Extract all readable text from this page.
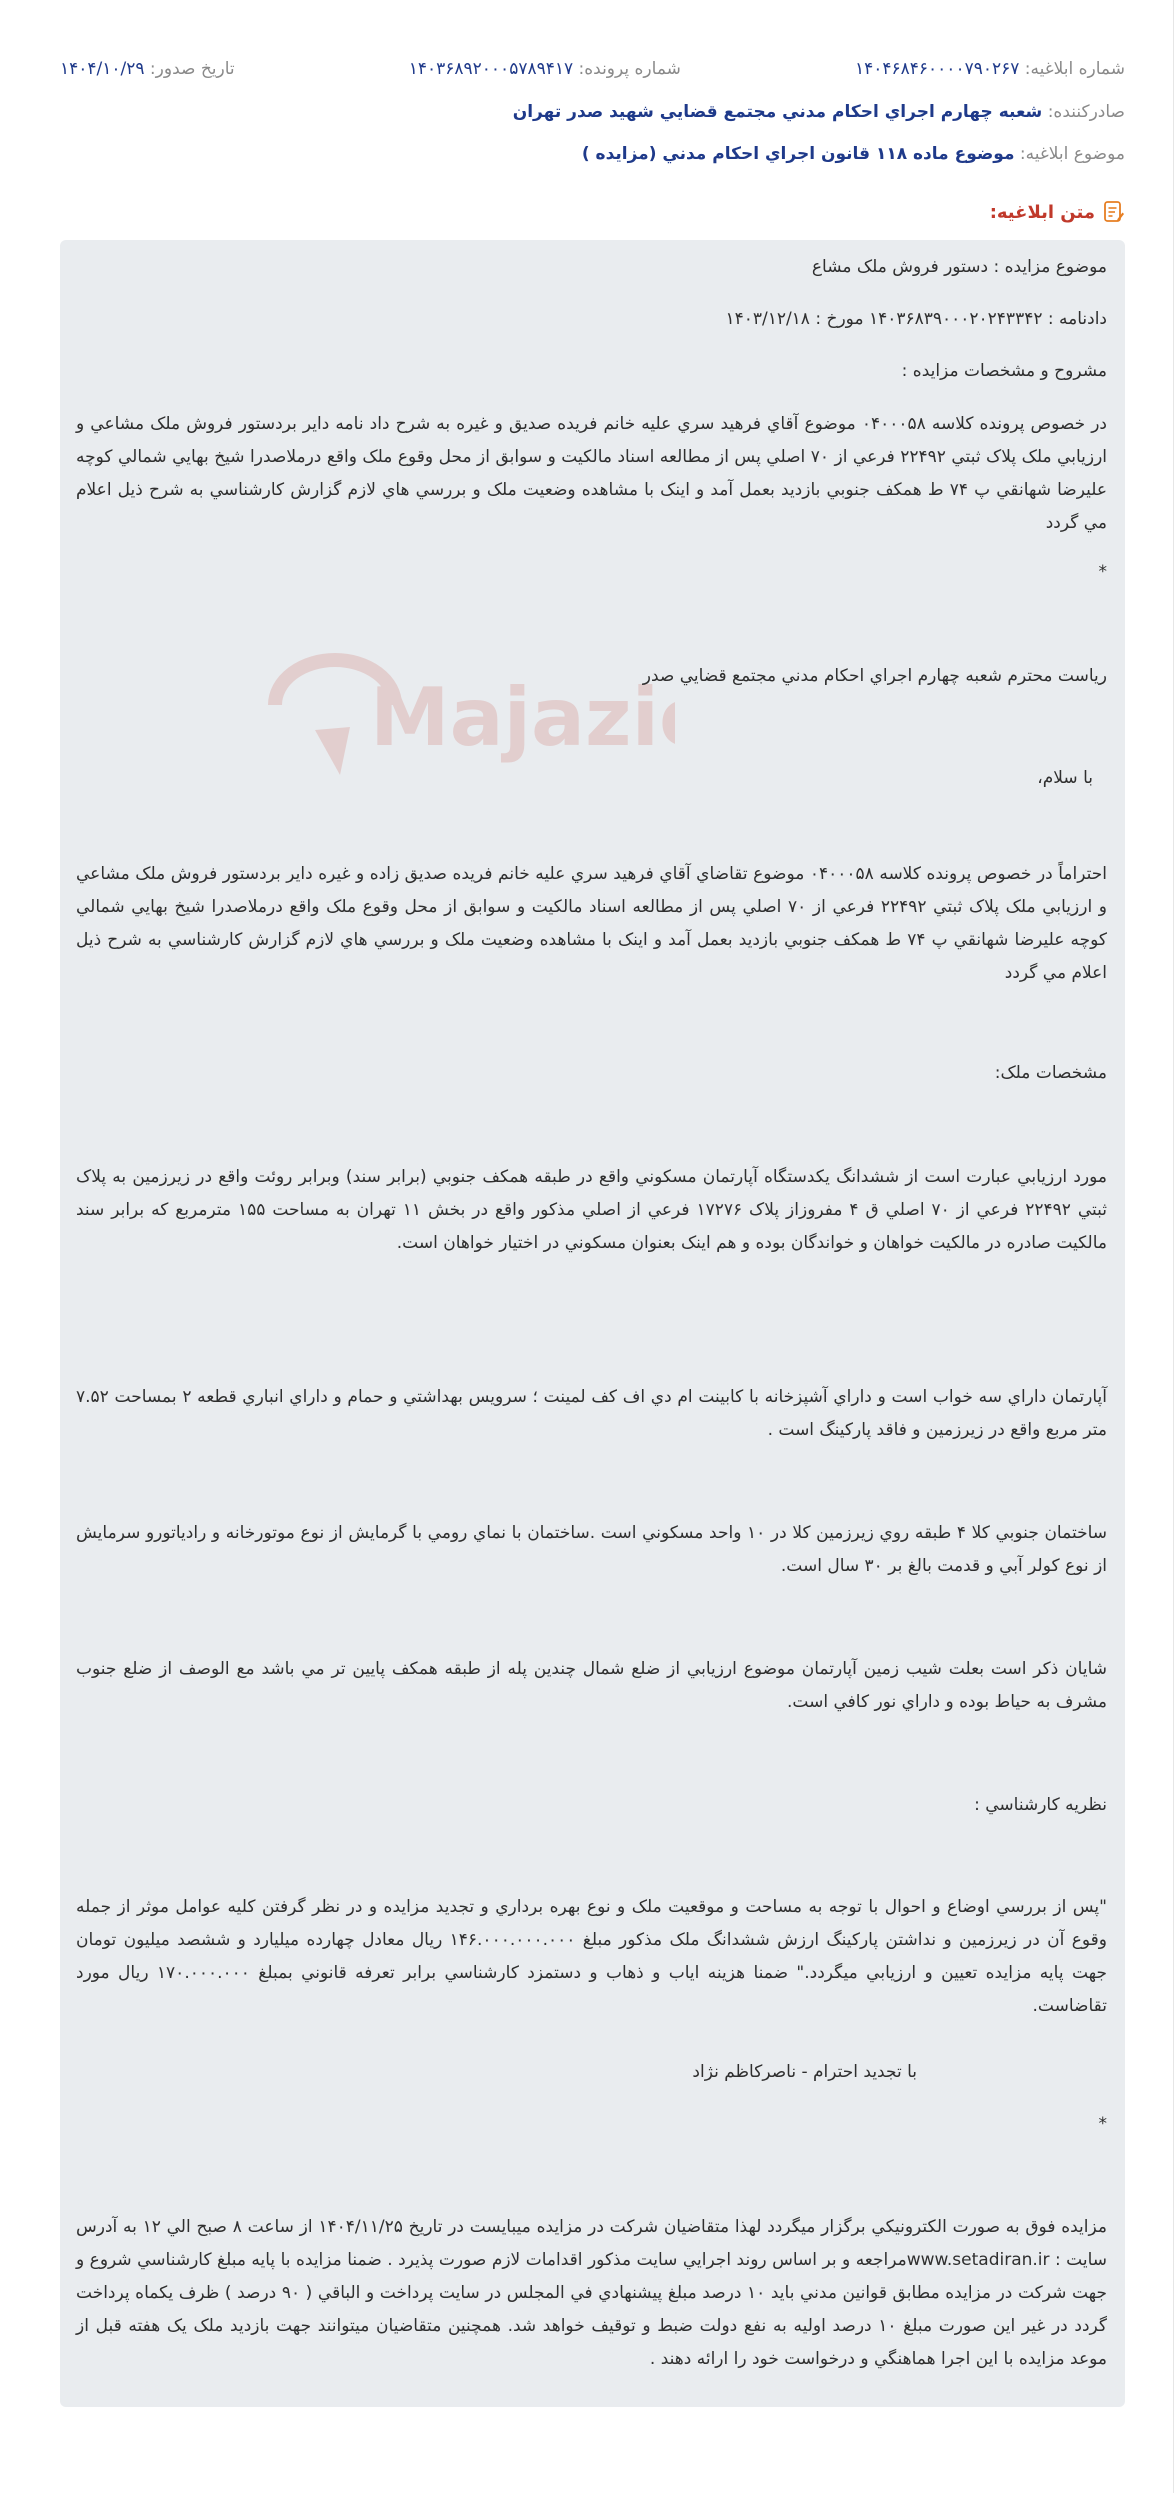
شماره ابلاغيه: ۱۴۰۴۶۸۴۶۰۰۰۰۷۹۰۲۶۷
شماره پرونده: ۱۴۰۳۶۸۹۲۰۰۰۵۷۸۹۴۱۷
تاريخ صدور: ۱۴۰۴/۱۰/۲۹
صادرکننده: شعبه چهارم اجراي احکام مدني مجتمع قضايي شهيد صدر تهران
موضوع ابلاغيه: موضوع ماده ۱۱۸ قانون اجراي احکام مدني (مزايده )
متن ابلاغيه:
Majazi

موضوع مزايده : دستور فروش ملک مشاع

دادنامه : ۱۴۰۳۶۸۳۹۰۰۰۲۰۲۴۳۳۴۲ مورخ : ۱۴۰۳/۱۲/۱۸

مشروح و مشخصات مزايده :

در خصوص پرونده کلاسه ۰۴۰۰۰۵۸ موضوع آقاي فرهيد سري عليه خانم فريده صديق و غيره به شرح داد نامه داير بردستور فروش ملک مشاعي و ارزيابي ملک پلاک ثبتي ۲۲۴۹۲ فرعي از ۷۰ اصلي پس از مطالعه اسناد مالکيت و سوابق از محل وقوع ملک واقع درملاصدرا شيخ بهايي شمالي کوچه عليرضا شهانقي پ ۷۴ ط همکف جنوبي بازديد بعمل آمد و اينک با مشاهده وضعيت ملک و بررسي هاي لازم گزارش کارشناسي به شرح ذيل اعلام مي گردد

*

رياست محترم شعبه چهارم اجراي احکام مدني مجتمع قضايي صدر

با سلام،

احتراماً در خصوص پرونده کلاسه ۰۴۰۰۰۵۸ موضوع تقاضاي آقاي فرهيد سري عليه خانم فريده صديق زاده و غيره داير بردستور فروش ملک مشاعي و ارزيابي ملک پلاک ثبتي ۲۲۴۹۲ فرعي از ۷۰ اصلي پس از مطالعه اسناد مالکيت و سوابق از محل وقوع ملک واقع درملاصدرا شيخ بهايي شمالي کوچه عليرضا شهانقي پ ۷۴ ط همکف جنوبي بازديد بعمل آمد و اينک با مشاهده وضعيت ملک و بررسي هاي لازم گزارش کارشناسي به شرح ذيل اعلام مي گردد

مشخصات ملک:

مورد ارزيابي عبارت است از ششدانگ يکدستگاه آپارتمان مسکوني واقع در طبقه همکف جنوبي (برابر سند) وبرابر روئت واقع در زيرزمين به پلاک ثبتي ۲۲۴۹۲ فرعي از ۷۰ اصلي ق ۴ مفروزاز پلاک ۱۷۲۷۶ فرعي از اصلي مذکور واقع در بخش ۱۱ تهران به مساحت ۱۵۵ مترمربع که برابر سند مالکيت صادره در مالکيت خواهان و خواندگان بوده و هم اينک بعنوان مسکوني در اختيار خواهان است.

آپارتمان داراي سه خواب است و داراي آشپزخانه با کابينت ام دي اف کف لمينت ؛ سرويس بهداشتي و حمام و داراي انباري قطعه ۲ بمساحت ۷.۵۲ متر مربع واقع در زيرزمين و فاقد پارکينگ است .

ساختمان جنوبي کلا ۴ طبقه روي زيرزمين کلا در ۱۰ واحد مسکوني است .ساختمان با نماي رومي با گرمايش از نوع موتورخانه و رادياتورو سرمايش از نوع کولر آبي و قدمت بالغ بر ۳۰ سال است.

شايان ذکر است بعلت شيب زمين آپارتمان موضوع ارزيابي از ضلع شمال چندين پله از طبقه همکف پايين تر مي باشد مع الوصف از ضلع جنوب مشرف به حياط بوده و داراي نور کافي است.

نظريه کارشناسي :

"پس از بررسي اوضاع و احوال با توجه به مساحت و موقعيت ملک و نوع بهره برداري و تجديد مزايده و در نظر گرفتن کليه عوامل موثر از جمله وقوع آن در زيرزمين و نداشتن پارکينگ ارزش ششدانگ ملک مذکور مبلغ ۱۴۶.۰۰۰.۰۰۰.۰۰۰ ريال معادل چهارده ميليارد و ششصد ميليون تومان جهت پايه مزايده تعيين و ارزيابي ميگردد." ضمنا هزينه اياب و ذهاب و دستمزد کارشناسي برابر تعرفه قانوني بمبلغ ۱۷۰.۰۰۰.۰۰۰ ريال مورد تقاضاست.

با تجديد احترام - ناصرکاظم نژاد

*

مزايده فوق به صورت الکترونيکي برگزار ميگردد لهذا متقاضيان شرکت در مزايده ميبايست در تاريخ ۱۴۰۴/۱۱/۲۵ از ساعت ۸ صبح الي ۱۲ به آدرس سايت : www.setadiran.irمراجعه و بر اساس روند اجرايي سايت مذکور اقدامات لازم صورت پذيرد . ضمنا مزايده با پايه مبلغ کارشناسي شروع و جهت شرکت در مزايده مطابق قوانين مدني بايد ۱۰ درصد مبلغ پيشنهادي في المجلس در سايت پرداخت و الباقي ( ۹۰ درصد ) ظرف يکماه پرداخت گردد در غير اين صورت مبلغ ۱۰ درصد اوليه به نفع دولت ضبط و توقيف خواهد شد. همچنين متقاضيان ميتوانند جهت بازديد ملک يک هفته قبل از موعد مزايده با اين اجرا هماهنگي و درخواست خود را ارائه دهند .
